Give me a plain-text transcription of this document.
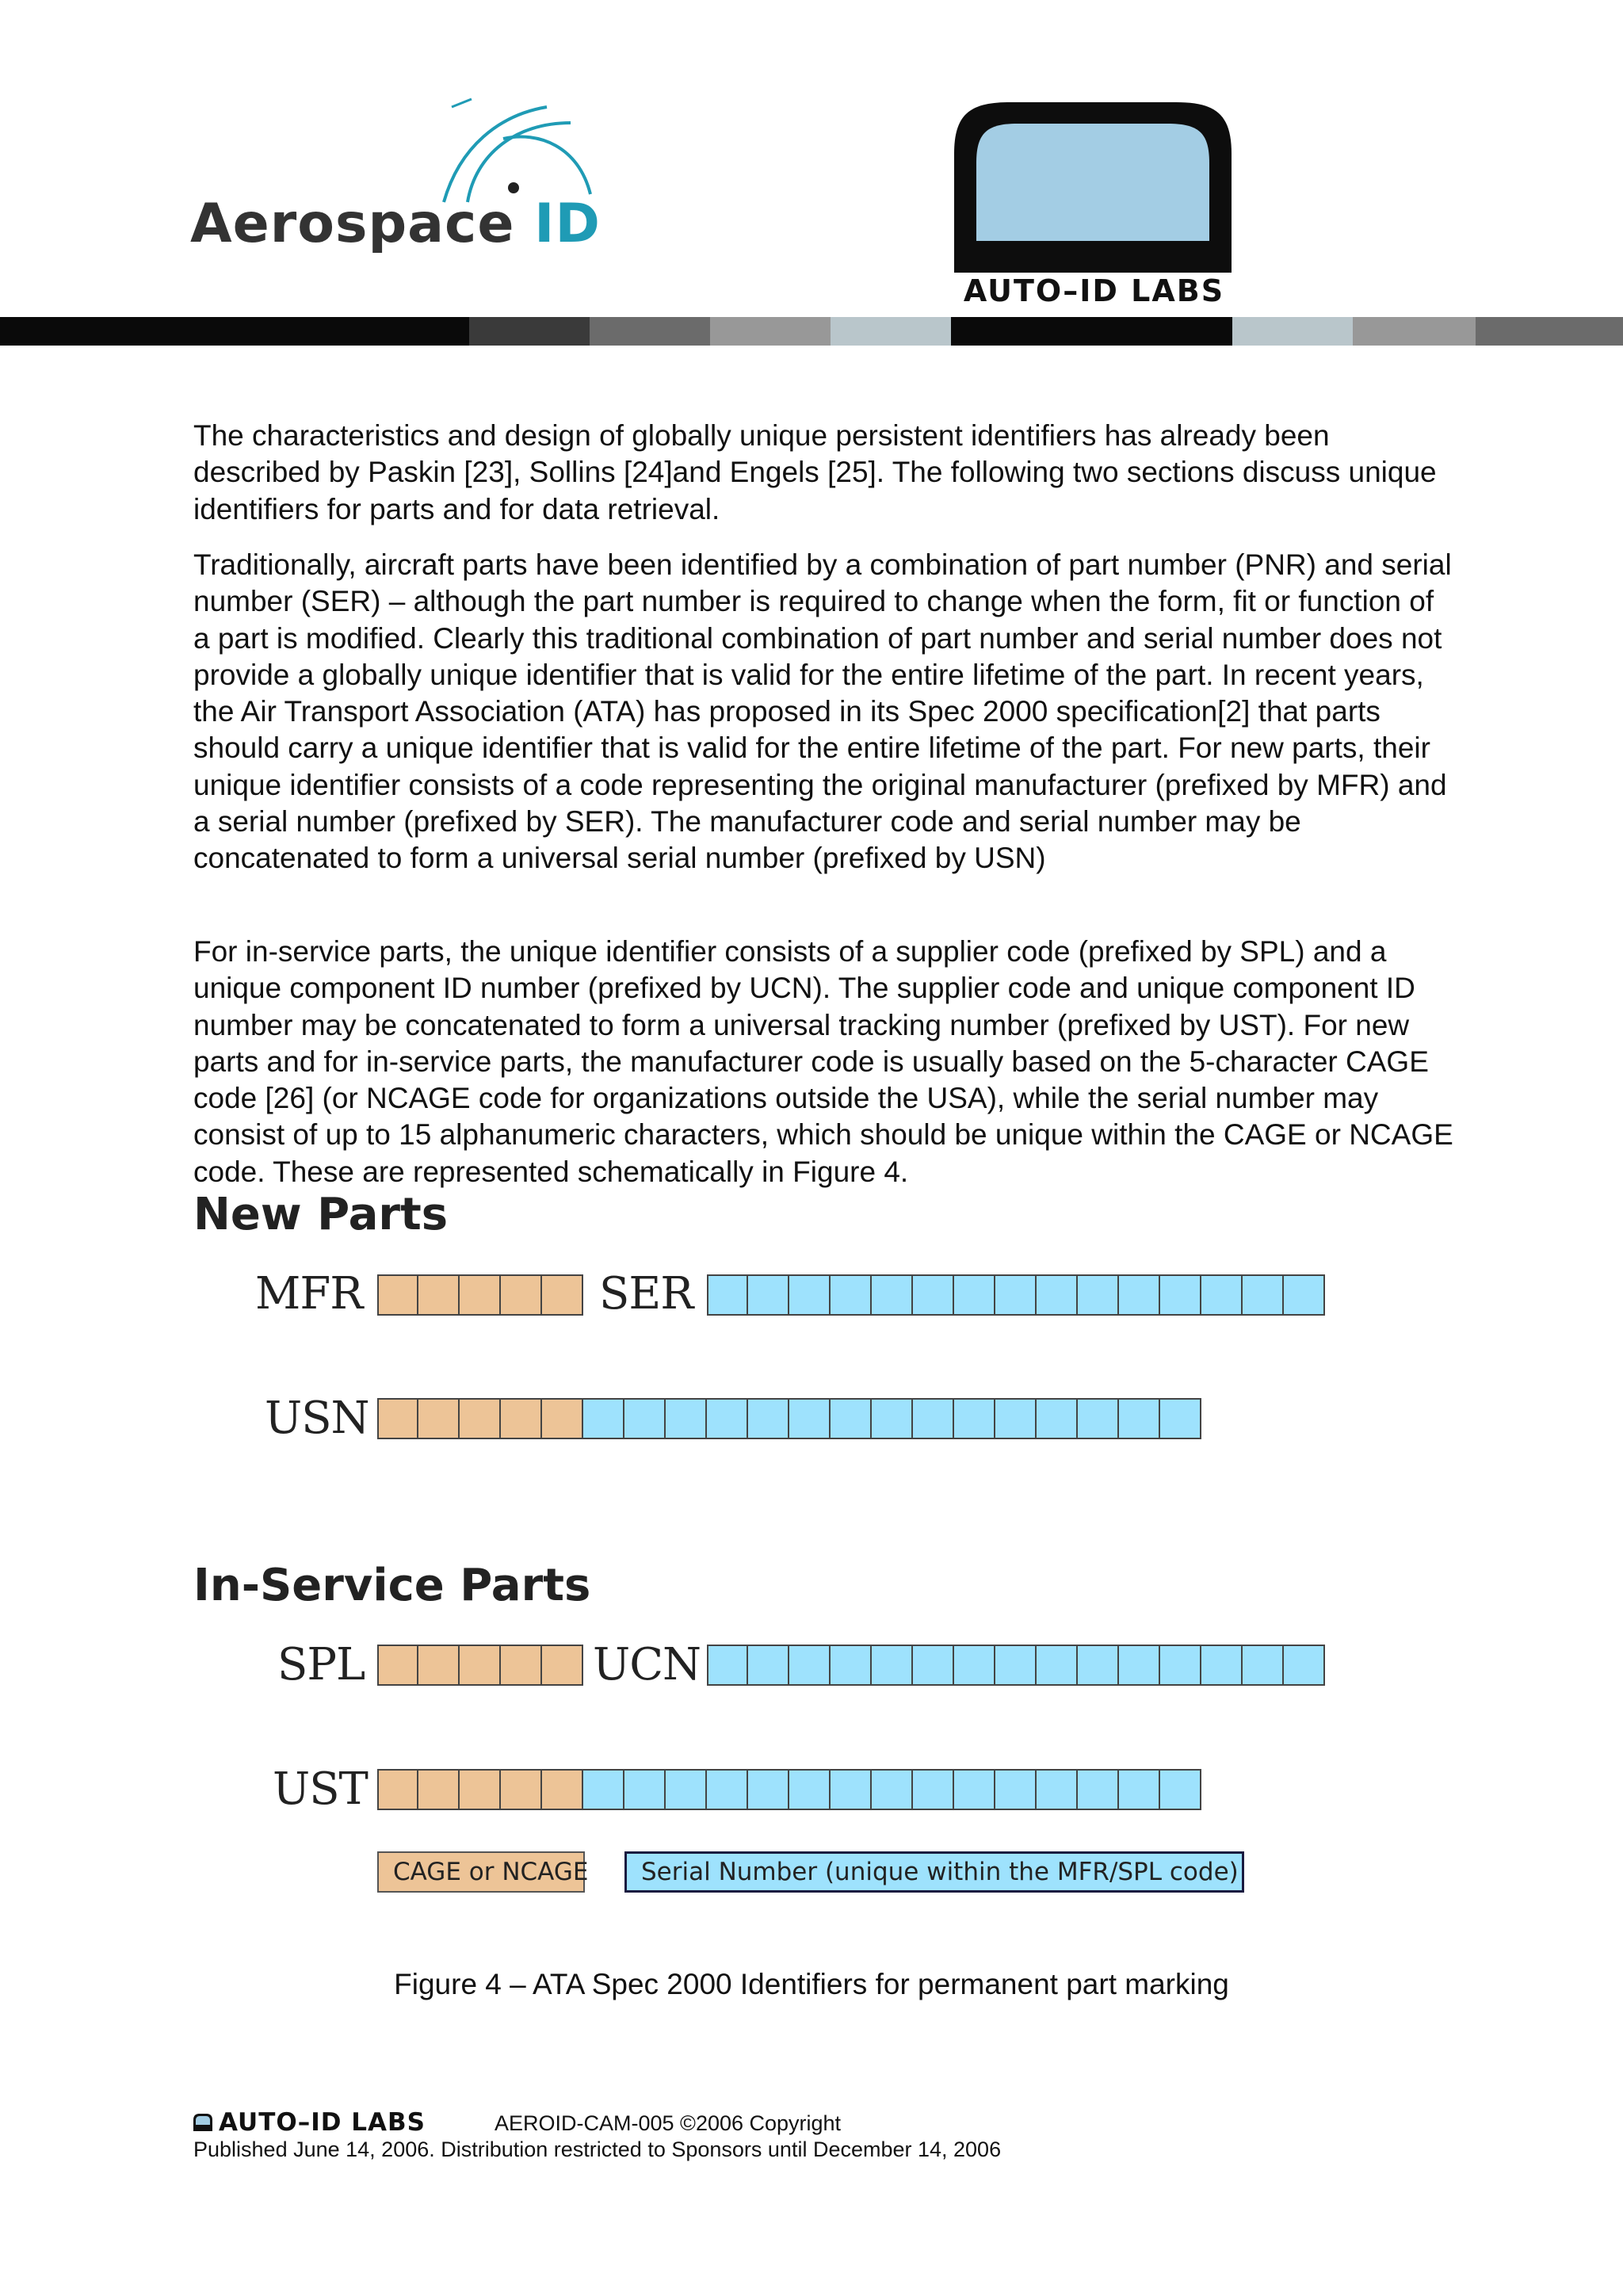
Aerospace ID
AUTO–ID LABS

The characteristics and design of globally unique persistent identifiers has already been described by Paskin [23], Sollins [24]and Engels [25]. The following two sections discuss unique identifiers for parts and for data retrieval.

Traditionally, aircraft parts have been identified by a combination of part number (PNR) and serial number (SER) – although the part number is required to change when the form, fit or function of a part is modified. Clearly this traditional combination of part number and serial number does not provide a globally unique identifier that is valid for the entire lifetime of the part. In recent years, the Air Transport Association (ATA) has proposed in its Spec 2000 specification[2] that parts should carry a unique identifier that is valid for the entire lifetime of the part. For new parts, their unique identifier consists of a code representing the original manufacturer (prefixed by MFR) and a serial number (prefixed by SER). The manufacturer code and serial number may be concatenated to form a universal serial number (prefixed by USN)

For in-service parts, the unique identifier consists of a supplier code (prefixed by SPL) and a unique component ID number (prefixed by UCN). The supplier code and unique component ID number may be concatenated to form a universal tracking number (prefixed by UST). For new parts and for in-service parts, the manufacturer code is usually based on the 5-character CAGE code [26] (or NCAGE code for organizations outside the USA), while the serial number may consist of up to 15 alphanumeric characters, which should be unique within the CAGE or NCAGE code. These are represented schematically in Figure 4.

New Parts
MFR	SER
USN
In-Service Parts
SPL	UCN
UST
CAGE or NCAGE	Serial Number (unique within the MFR/SPL code)
Figure 4 – ATA Spec 2000 Identifiers for permanent part marking
AUTO–ID LABS	AEROID-CAM-005 ©2006 Copyright
Published June 14, 2006. Distribution restricted to Sponsors until December 14, 2006
